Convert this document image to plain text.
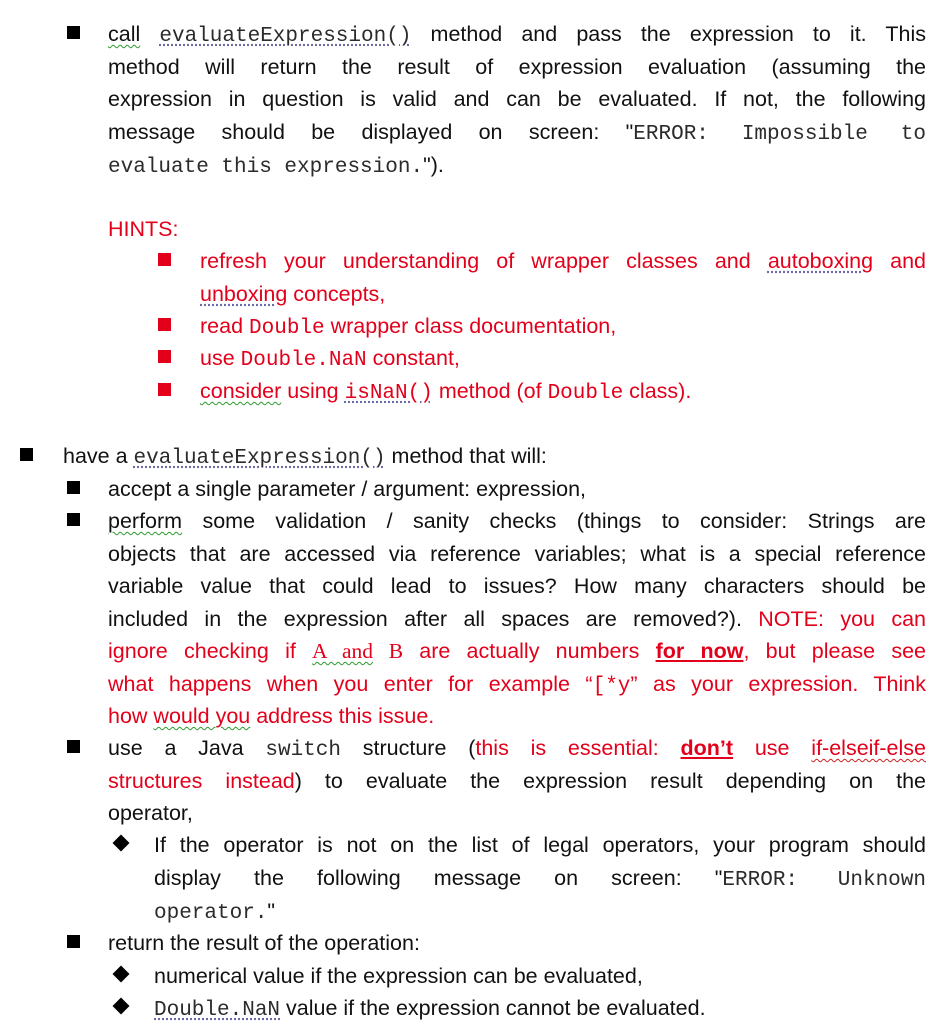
call evaluateExpression() method and pass the expression to it. This
method will return the result of expression evaluation (assuming the
expression in question is valid and can be evaluated. If not, the following
message should be displayed on screen: "ERROR: Impossible to
evaluate this expression.").
HINTS:
refresh your understanding of wrapper classes and autoboxing and
unboxing concepts,
read Double wrapper class documentation,
use Double.NaN constant,
consider using isNaN() method (of Double class).
have a evaluateExpression() method that will:
accept a single parameter / argument: expression,
perform some validation / sanity checks (things to consider: Strings are
objects that are accessed via reference variables; what is a special reference
variable value that could lead to issues? How many characters should be
included in the expression after all spaces are removed?). NOTE: you can
ignore checking if A and B are actually numbers for now, but please see
what happens when you enter for example “[*y” as your expression. Think
how would you address this issue.
use a Java switch structure (this is essential: don’t use if-elseif-else
structures instead) to evaluate the expression result depending on the
operator,
If the operator is not on the list of legal operators, your program should
display the following message on screen: "ERROR: Unknown
operator."
return the result of the operation:
numerical value if the expression can be evaluated,
Double.NaN value if the expression cannot be evaluated.
